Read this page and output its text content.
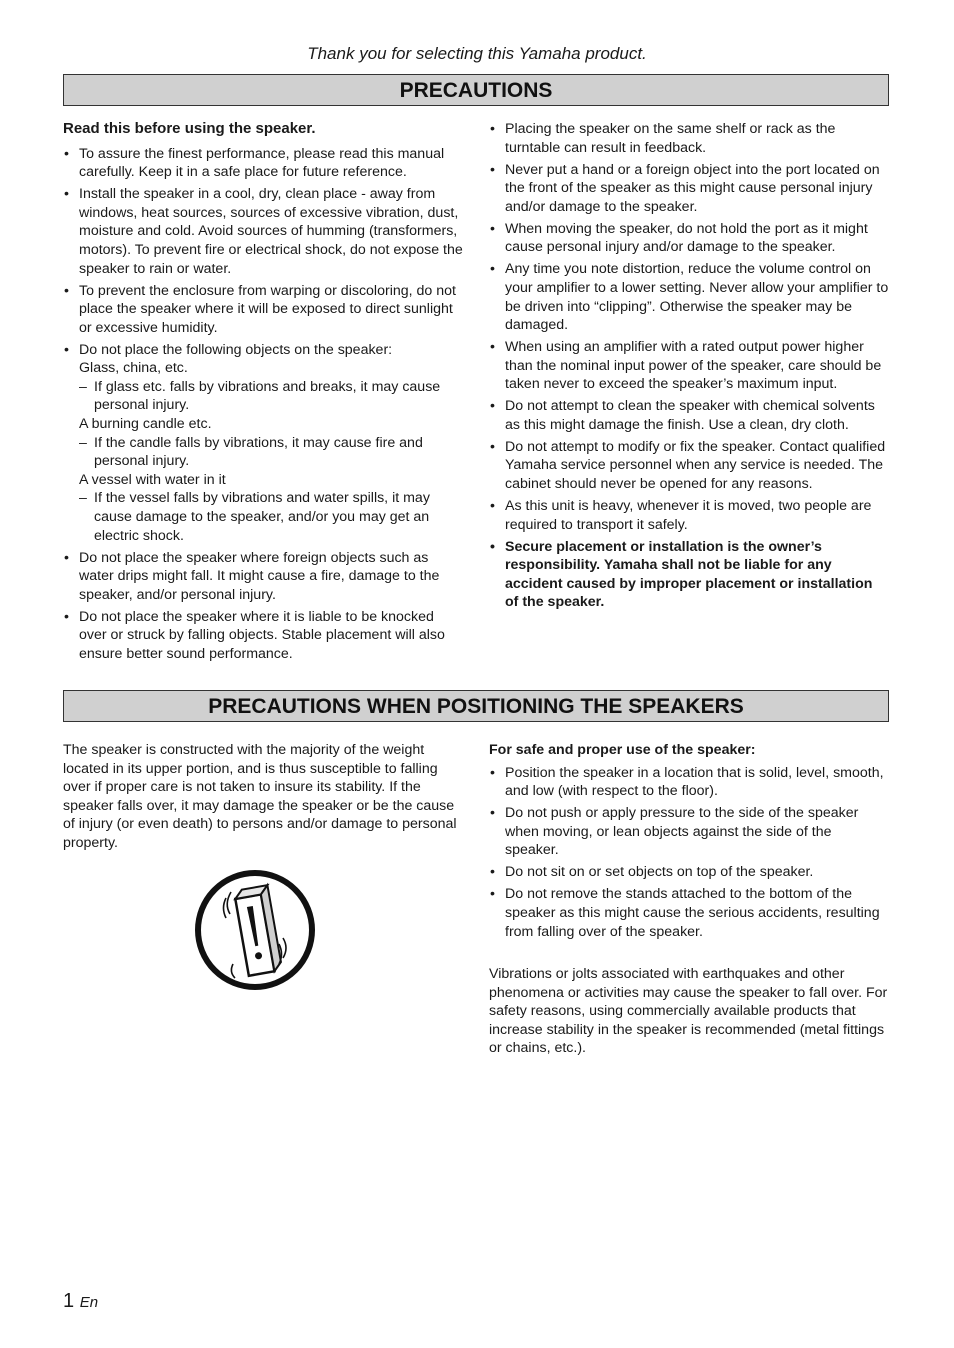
Thank you for selecting this Yamaha product.
PRECAUTIONS
Read this before using the speaker.
• To assure the finest performance, please read this manual carefully. Keep it in a safe place for future reference.
• Install the speaker in a cool, dry, clean place - away from windows, heat sources, sources of excessive vibration, dust, moisture and cold. Avoid sources of humming (transformers, motors). To prevent fire or electrical shock, do not expose the speaker to rain or water.
• To prevent the enclosure from warping or discoloring, do not place the speaker where it will be exposed to direct sunlight or excessive humidity.
• Do not place the following objects on the speaker:
Glass, china, etc.
– If glass etc. falls by vibrations and breaks, it may cause personal injury.
A burning candle etc.
– If the candle falls by vibrations, it may cause fire and personal injury.
A vessel with water in it
– If the vessel falls by vibrations and water spills, it may cause damage to the speaker, and/or you may get an electric shock.
• Do not place the speaker where foreign objects such as water drips might fall. It might cause a fire, damage to the speaker, and/or personal injury.
• Do not place the speaker where it is liable to be knocked over or struck by falling objects. Stable placement will also ensure better sound performance.
• Placing the speaker on the same shelf or rack as the turntable can result in feedback.
• Never put a hand or a foreign object into the port located on the front of the speaker as this might cause personal injury and/or damage to the speaker.
• When moving the speaker, do not hold the port as it might cause personal injury and/or damage to the speaker.
• Any time you note distortion, reduce the volume control on your amplifier to a lower setting. Never allow your amplifier to be driven into “clipping”. Otherwise the speaker may be damaged.
• When using an amplifier with a rated output power higher than the nominal input power of the speaker, care should be taken never to exceed the speaker’s maximum input.
• Do not attempt to clean the speaker with chemical solvents as this might damage the finish. Use a clean, dry cloth.
• Do not attempt to modify or fix the speaker. Contact qualified Yamaha service personnel when any service is needed. The cabinet should never be opened for any reasons.
• As this unit is heavy, whenever it is moved, two people are required to transport it safely.
• Secure placement or installation is the owner’s responsibility. Yamaha shall not be liable for any accident caused by improper placement or installation of the speaker.
PRECAUTIONS WHEN POSITIONING THE SPEAKERS

The speaker is constructed with the majority of the weight located in its upper portion, and is thus susceptible to falling over if proper care is not taken to insure its stability. If the speaker falls over, it may damage the speaker or be the cause of injury (or even death) to persons and/or damage to personal property.

For safe and proper use of the speaker:
• Position the speaker in a location that is solid, level, smooth, and low (with respect to the floor).
• Do not push or apply pressure to the side of the speaker when moving, or lean objects against the side of the speaker.
• Do not sit on or set objects on top of the speaker.
• Do not remove the stands attached to the bottom of the speaker as this might cause the serious accidents, resulting from falling over of the speaker.

Vibrations or jolts associated with earthquakes and other phenomena or activities may cause the speaker to fall over. For safety reasons, using commercially available products that increase stability in the speaker is recommended (metal fittings or chains, etc.).

1 En
